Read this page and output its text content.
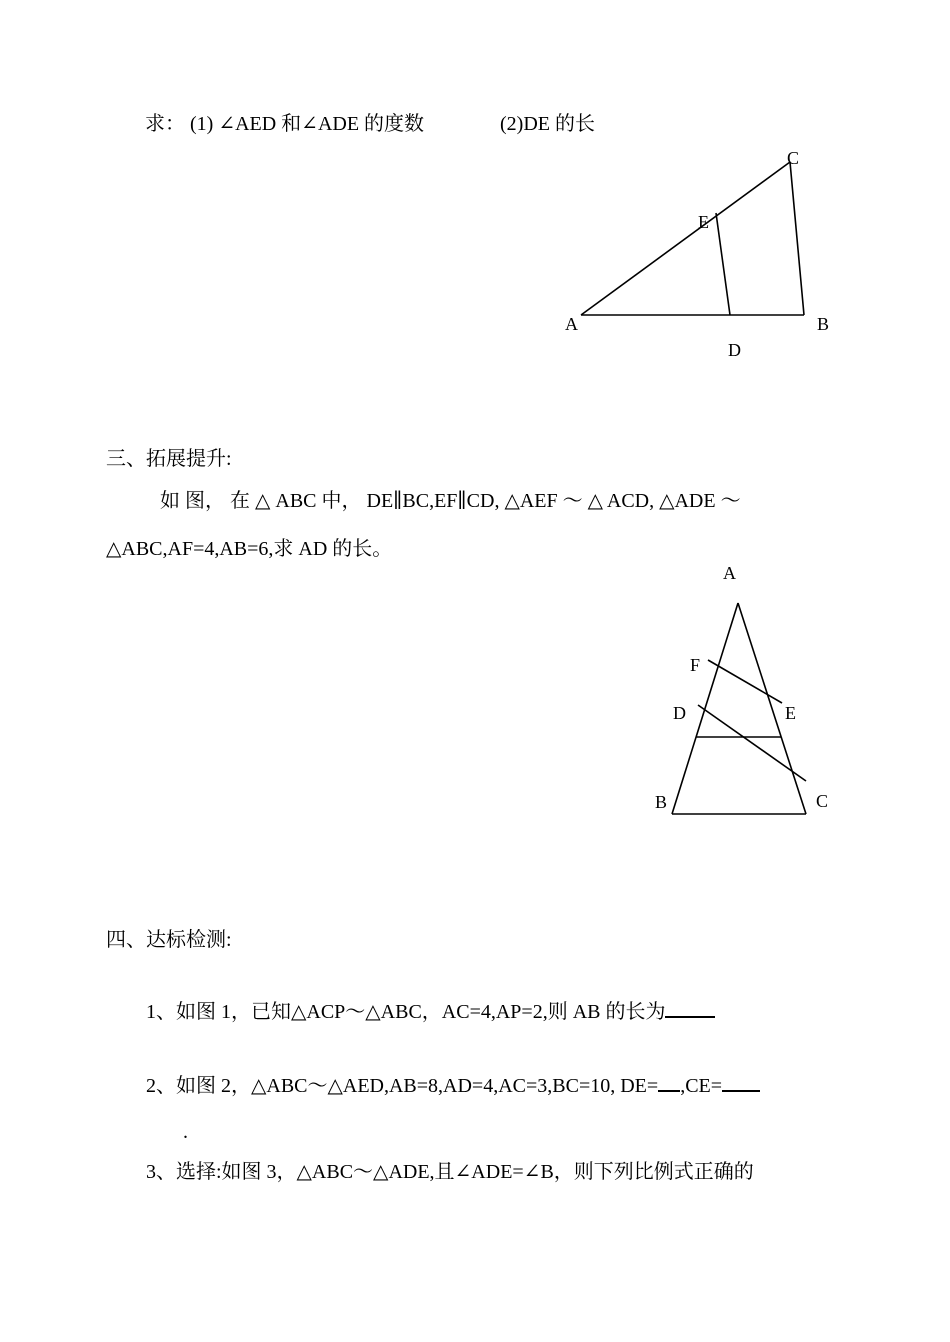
求： (1) ∠AED 和∠ADE 的度数	(2)DE 的长
C
E
A	B
D
三、拓展提升:
如 图， 在 △ ABC 中， DE∥BC,EF∥CD, △AEF ～ △ ACD, △ADE ～
△ABC,AF=4,AB=6,求 AD 的长。
A
F
D	E
B	C
四、达标检测:
1、如图 1，已知△ACP～△ABC，AC=4,AP=2,则 AB 的长为
2、如图 2，△ABC～△AED,AB=8,AD=4,AC=3,BC=10, DE= ,CE=
.
3、选择:如图 3，△ABC～△ADE,且∠ADE=∠B，则下列比例式正确的
